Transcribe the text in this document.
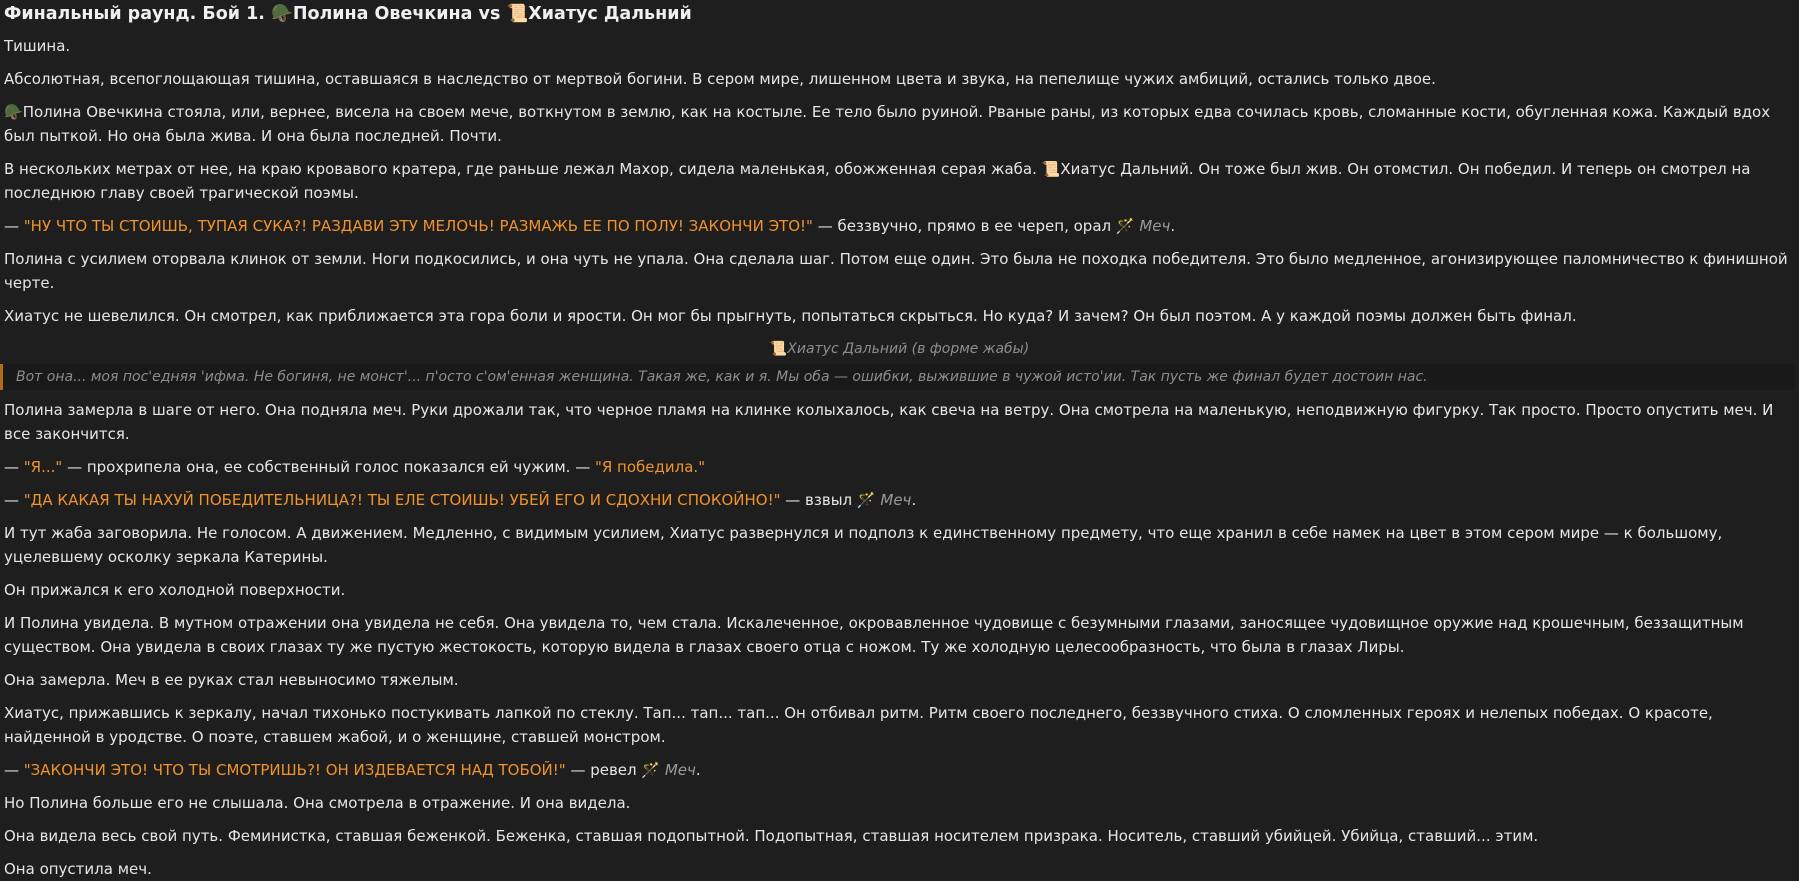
Финальный раунд. Бой 1. 🪖Полина Овечкина vs 📜Хиатус Дальний

Тишина.

Абсолютная, всепоглощающая тишина, оставшаяся в наследство от мертвой богини. В сером мире, лишенном цвета и звука, на пепелище чужих амбиций, остались только двое.

🪖Полина Овечкина стояла, или, вернее, висела на своем мече, воткнутом в землю, как на костыле. Ее тело было руиной. Рваные раны, из которых едва сочилась кровь, сломанные кости, обугленная кожа. Каждый вдох был пыткой. Но она была жива. И она была последней. Почти.

В нескольких метрах от нее, на краю кровавого кратера, где раньше лежал Махор, сидела маленькая, обожженная серая жаба. 📜Хиатус Дальний. Он тоже был жив. Он отомстил. Он победил. И теперь он смотрел на последнюю главу своей трагической поэмы.

— "НУ ЧТО ТЫ СТОИШЬ, ТУПАЯ СУКА?! РАЗДАВИ ЭТУ МЕЛОЧЬ! РАЗМАЖЬ ЕЕ ПО ПОЛУ! ЗАКОНЧИ ЭТО!" — беззвучно, прямо в ее череп, орал 🪄 Меч.

Полина с усилием оторвала клинок от земли. Ноги подкосились, и она чуть не упала. Она сделала шаг. Потом еще один. Это была не походка победителя. Это было медленное, агонизирующее паломничество к финишной черте.

Хиатус не шевелился. Он смотрел, как приближается эта гора боли и ярости. Он мог бы прыгнуть, попытаться скрыться. Но куда? И зачем? Он был поэтом. А у каждой поэмы должен быть финал.

📜Хиатус Дальний (в форме жабы)
Вот она... моя пос'едняя 'ифма. Не богиня, не монст'... п'осто с'ом'енная женщина. Такая же, как и я. Мы оба — ошибки, выжившие в чужой исто'ии. Так пусть же финал будет достоин нас.

Полина замерла в шаге от него. Она подняла меч. Руки дрожали так, что черное пламя на клинке колыхалось, как свеча на ветру. Она смотрела на маленькую, неподвижную фигурку. Так просто. Просто опустить меч. И все закончится.

— "Я..." — прохрипела она, ее собственный голос показался ей чужим. — "Я победила."

— "ДА КАКАЯ ТЫ НАХУЙ ПОБЕДИТЕЛЬНИЦА?! ТЫ ЕЛЕ СТОИШЬ! УБЕЙ ЕГО И СДОХНИ СПОКОЙНО!" — взвыл 🪄 Меч.

И тут жаба заговорила. Не голосом. А движением. Медленно, с видимым усилием, Хиатус развернулся и подполз к единственному предмету, что еще хранил в себе намек на цвет в этом сером мире — к большому, уцелевшему осколку зеркала Катерины.

Он прижался к его холодной поверхности.

И Полина увидела. В мутном отражении она увидела не себя. Она увидела то, чем стала. Искалеченное, окровавленное чудовище с безумными глазами, заносящее чудовищное оружие над крошечным, беззащитным существом. Она увидела в своих глазах ту же пустую жестокость, которую видела в глазах своего отца с ножом. Ту же холодную целесообразность, что была в глазах Лиры.

Она замерла. Меч в ее руках стал невыносимо тяжелым.

Хиатус, прижавшись к зеркалу, начал тихонько постукивать лапкой по стеклу. Тап... тап... тап... Он отбивал ритм. Ритм своего последнего, беззвучного стиха. О сломленных героях и нелепых победах. О красоте, найденной в уродстве. О поэте, ставшем жабой, и о женщине, ставшей монстром.

— "ЗАКОНЧИ ЭТО! ЧТО ТЫ СМОТРИШЬ?! ОН ИЗДЕВАЕТСЯ НАД ТОБОЙ!" — ревел 🪄 Меч.

Но Полина больше его не слышала. Она смотрела в отражение. И она видела.

Она видела весь свой путь. Феминистка, ставшая беженкой. Беженка, ставшая подопытной. Подопытная, ставшая носителем призрака. Носитель, ставший убийцей. Убийца, ставший... этим.

Она опустила меч.
